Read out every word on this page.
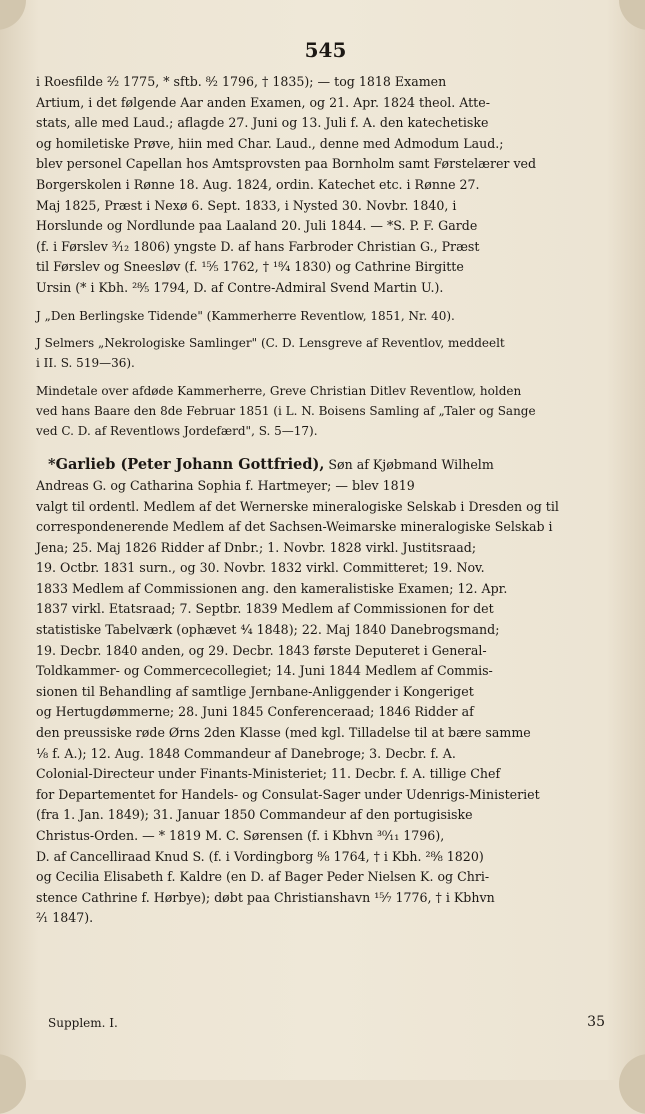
545
i Roesfilde ²⁄₂ 1775, * sftb. ⁸⁄₂ 1796, † 1835); — tog 1818 Examen
Artium, i det følgende Aar anden Examen, og 21. Apr. 1824 theol. Atte-
stats, alle med Laud.; aflagde 27. Juni og 13. Juli f. A. den katechetiske
og homiletiske Prøve, hiin med Char. Laud., denne med Admodum Laud.;
blev personel Capellan hos Amtsprovsten paa Bornholm samt Førstelærer ved
Borgerskolen i Rønne 18. Aug. 1824, ordin. Katechet etc. i Rønne 27.
Maj 1825, Præst i Nexø 6. Sept. 1833, i Nysted 30. Novbr. 1840, i
Horslunde og Nordlunde paa Laaland 20. Juli 1844. — *S. P. F. Garde
(f. i Førslev ³⁄₁₂ 1806) yngste D. af hans Farbroder Christian G., Præst
til Førslev og Sneesløv (f. ¹⁵⁄₅ 1762, † ¹⁸⁄₄ 1830) og Cathrine Birgitte
Ursin (* i Kbh. ²⁸⁄₅ 1794, D. af Contre-Admiral Svend Martin U.).
J „Den Berlingske Tidende" (Kammerherre Reventlow, 1851, Nr. 40).
J Selmers „Nekrologiske Samlinger" (C. D. Lensgreve af Reventlov, meddeelt
i II. S. 519—36).
Mindetale over afdøde Kammerherre, Greve Christian Ditlev Reventlow, holden
ved hans Baare den 8de Februar 1851 (i L. N. Boisens Samling af „Taler og Sange
ved C. D. af Reventlows Jordefærd", S. 5—17).
*Garlieb (Peter Johann Gottfried), Søn af Kjøbmand Wilhelm
Andreas G. og Catharina Sophia f. Hartmeyer; — blev 1819
valgt til ordentl. Medlem af det Wernerske mineralogiske Selskab i Dresden og til
correspondenerende Medlem af det Sachsen-Weimarske mineralogiske Selskab i
Jena; 25. Maj 1826 Ridder af Dnbr.; 1. Novbr. 1828 virkl. Justitsraad;
19. Octbr. 1831 surn., og 30. Novbr. 1832 virkl. Committeret; 19. Nov.
1833 Medlem af Commissionen ang. den kameralistiske Examen; 12. Apr.
1837 virkl. Etatsraad; 7. Septbr. 1839 Medlem af Commissionen for det
statistiske Tabelværk (ophævet ⁴⁄₄ 1848); 22. Maj 1840 Danebrogsmand;
19. Decbr. 1840 anden, og 29. Decbr. 1843 første Deputeret i General-
Toldkammer- og Commercecollegiet; 14. Juni 1844 Medlem af Commis-
sionen til Behandling af samtlige Jernbane-Anliggender i Kongeriget
og Hertugdømmerne; 28. Juni 1845 Conferenceraad; 1846 Ridder af
den preussiske røde Ørns 2den Klasse (med kgl. Tilladelse til at bære samme
¹⁄₈ f. A.); 12. Aug. 1848 Commandeur af Danebroge; 3. Decbr. f. A.
Colonial-Directeur under Finants-Ministeriet; 11. Decbr. f. A. tillige Chef
for Departementet for Handels- og Consulat-Sager under Udenrigs-Ministeriet
(fra 1. Jan. 1849); 31. Januar 1850 Commandeur af den portugisiske
Christus-Orden. — * 1819 M. C. Sørensen (f. i Kbhvn ³⁰⁄₁₁ 1796),
D. af Cancelliraad Knud S. (f. i Vordingborg ⁸⁄₈ 1764, † i Kbh. ²⁸⁄₈ 1820)
og Cecilia Elisabeth f. Kaldre (en D. af Bager Peder Nielsen K. og Chri-
stence Cathrine f. Hørbye); døbt paa Christianshavn ¹⁵⁄₇ 1776, † i Kbhvn
²⁄₁ 1847).
Supplem. I.	35
